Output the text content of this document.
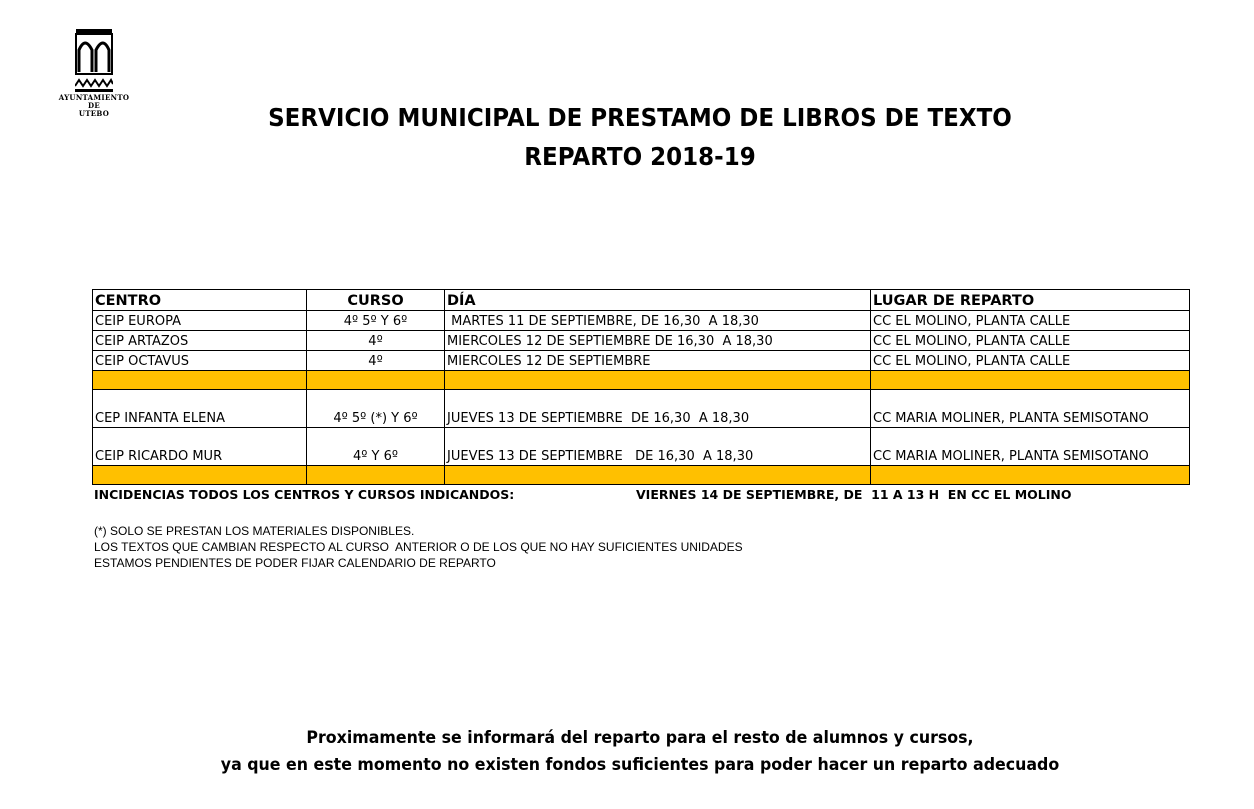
AYUNTAMIENTO
DE
UTEBO	SERVICIO MUNICIPAL DE PRESTAMO DE LIBROS DE TEXTO
REPARTO 2018-19
CENTRO	CURSO	DÍA	LUGAR DE REPARTO
CEIP EUROPA	4º 5º Y 6º	MARTES 11 DE SEPTIEMBRE, DE 16,30  A 18,30	CC EL MOLINO, PLANTA CALLE
CEIP ARTAZOS	4º	MIERCOLES 12 DE SEPTIEMBRE DE 16,30  A 18,30	CC EL MOLINO, PLANTA CALLE
CEIP OCTAVUS	4º	MIERCOLES 12 DE SEPTIEMBRE	CC EL MOLINO, PLANTA CALLE

CEP INFANTA ELENA	4º 5º (*) Y 6º	JUEVES 13 DE SEPTIEMBRE  DE 16,30  A 18,30	CC MARIA MOLINER, PLANTA SEMISOTANO
CEIP RICARDO MUR	4º Y 6º	JUEVES 13 DE SEPTIEMBRE   DE 16,30  A 18,30	CC MARIA MOLINER, PLANTA SEMISOTANO

INCIDENCIAS TODOS LOS CENTROS Y CURSOS INDICANDOS:	VIERNES 14 DE SEPTIEMBRE, DE  11 A 13 H  EN CC EL MOLINO
(*) SOLO SE PRESTAN LOS MATERIALES DISPONIBLES.
LOS TEXTOS QUE CAMBIAN RESPECTO AL CURSO  ANTERIOR O DE LOS QUE NO HAY SUFICIENTES UNIDADES
ESTAMOS PENDIENTES DE PODER FIJAR CALENDARIO DE REPARTO
Proximamente se informará del reparto para el resto de alumnos y cursos,
ya que en este momento no existen fondos suficientes para poder hacer un reparto adecuado
